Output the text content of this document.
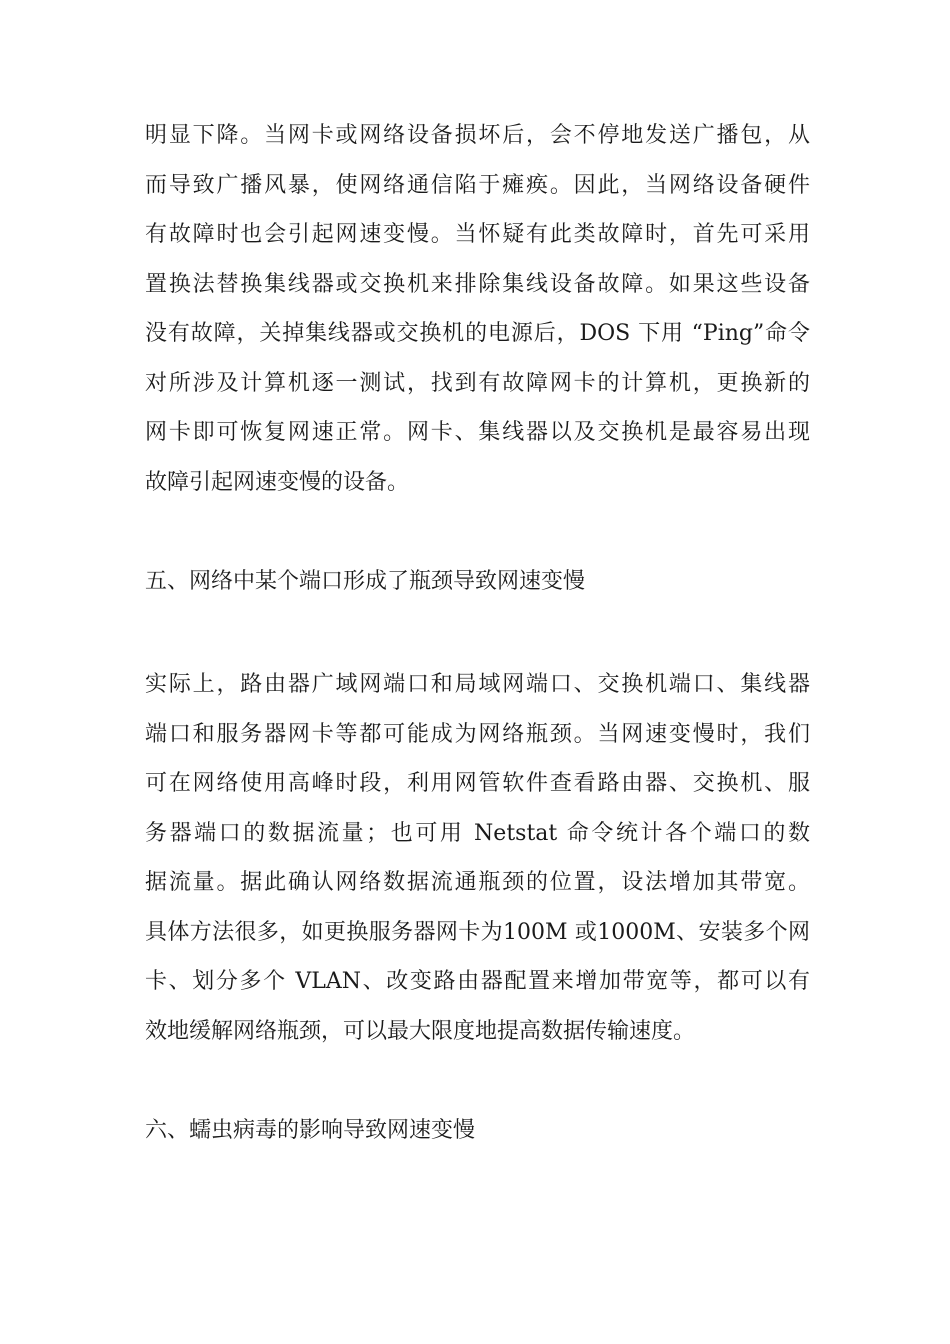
明显下降。当网卡或网络设备损坏后，会不停地发送广播包，从
而导致广播风暴，使网络通信陷于瘫痪。因此，当网络设备硬件
有故障时也会引起网速变慢。当怀疑有此类故障时，首先可采用
置换法替换集线器或交换机来排除集线设备故障。如果这些设备
没有故障，关掉集线器或交换机的电源后，DOS 下用 “Ping”命令
对所涉及计算机逐一测试，找到有故障网卡的计算机，更换新的
网卡即可恢复网速正常。网卡、集线器以及交换机是最容易出现
故障引起网速变慢的设备。
五、网络中某个端口形成了瓶颈导致网速变慢
实际上，路由器广域网端口和局域网端口、交换机端口、集线器
端口和服务器网卡等都可能成为网络瓶颈。当网速变慢时，我们
可在网络使用高峰时段，利用网管软件查看路由器、交换机、服
务器端口的数据流量；也可用 Netstat 命令统计各个端口的数
据流量。据此确认网络数据流通瓶颈的位置，设法增加其带宽。
具体方法很多，如更换服务器网卡为100M 或1000M、安装多个网
卡、划分多个 VLAN、改变路由器配置来增加带宽等，都可以有
效地缓解网络瓶颈，可以最大限度地提高数据传输速度。
六、蠕虫病毒的影响导致网速变慢
